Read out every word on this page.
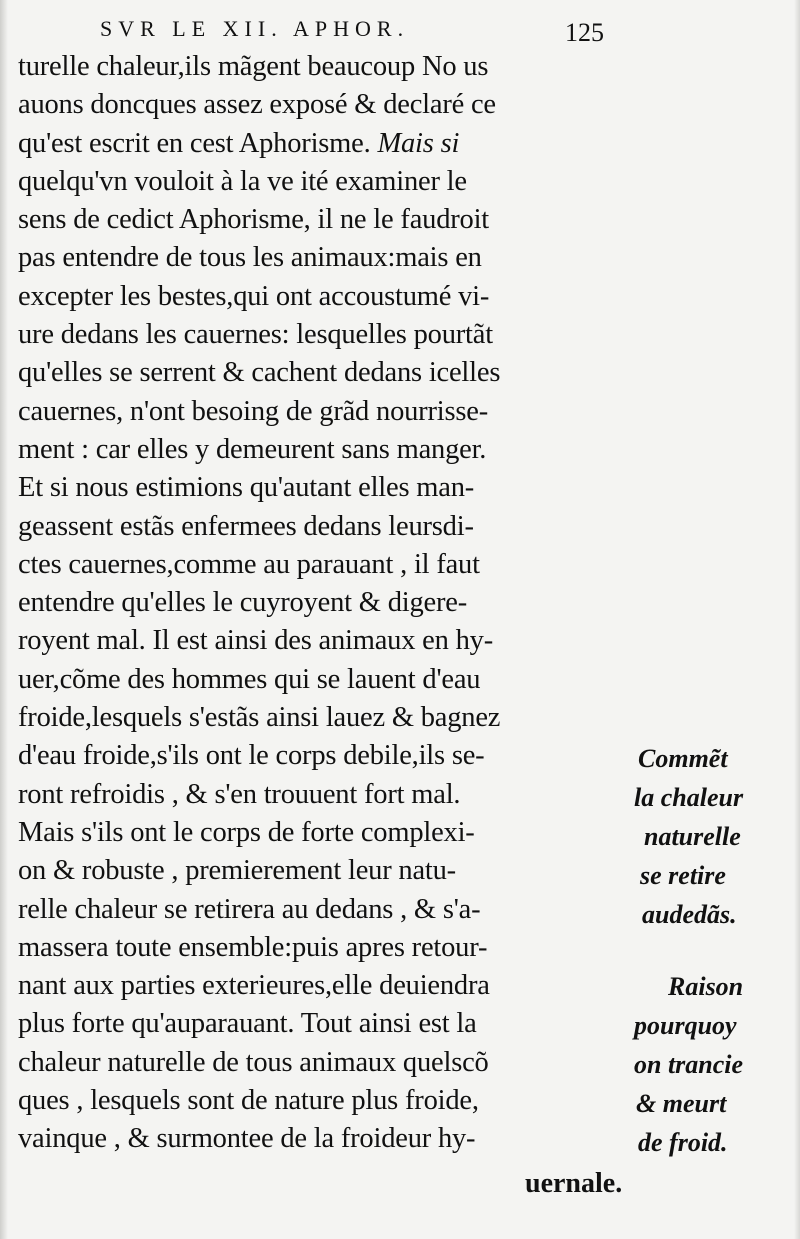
SVR LE XII. APHOR.	125
turelle chaleur,ils mãgent beaucoup No us
auons doncques assez exposé & declaré ce
qu'est escrit en cest Aphorisme. Mais si
quelqu'vn vouloit à la ve ité examiner le
sens de cedict Aphorisme, il ne le faudroit
pas entendre de tous les animaux:mais en
excepter les bestes,qui ont accoustumé vi-
ure dedans les cauernes: lesquelles pourtãt
qu'elles se serrent & cachent dedans icelles
cauernes, n'ont besoing de grãd nourrisse-
ment : car elles y demeurent sans manger.
Et si nous estimions qu'autant elles man-
geassent estãs enfermees dedans leursdi-
ctes cauernes,comme au parauant , il faut
entendre qu'elles le cuyroyent & digere-
royent mal. Il est ainsi des animaux en hy-
uer,cõme des hommes qui se lauent d'eau
froide,lesquels s'estãs ainsi lauez & bagnez
d'eau froide,s'ils ont le corps debile,ils se-
ront refroidis , & s'en trouuent fort mal.
Mais s'ils ont le corps de forte complexi-
on & robuste , premierement leur natu-
relle chaleur se retirera au dedans , & s'a-
massera toute ensemble:puis apres retour-
nant aux parties exterieures,elle deuiendra
plus forte qu'auparauant. Tout ainsi est la
chaleur naturelle de tous animaux quelscõ
ques , lesquels sont de nature plus froide,
vainque , & surmontee de la froideur hy-
Commẽt
la chaleur
naturelle
se retire
audedãs.
Raison
pourquoy
on trancie
& meurt
de froid.
uernale.
